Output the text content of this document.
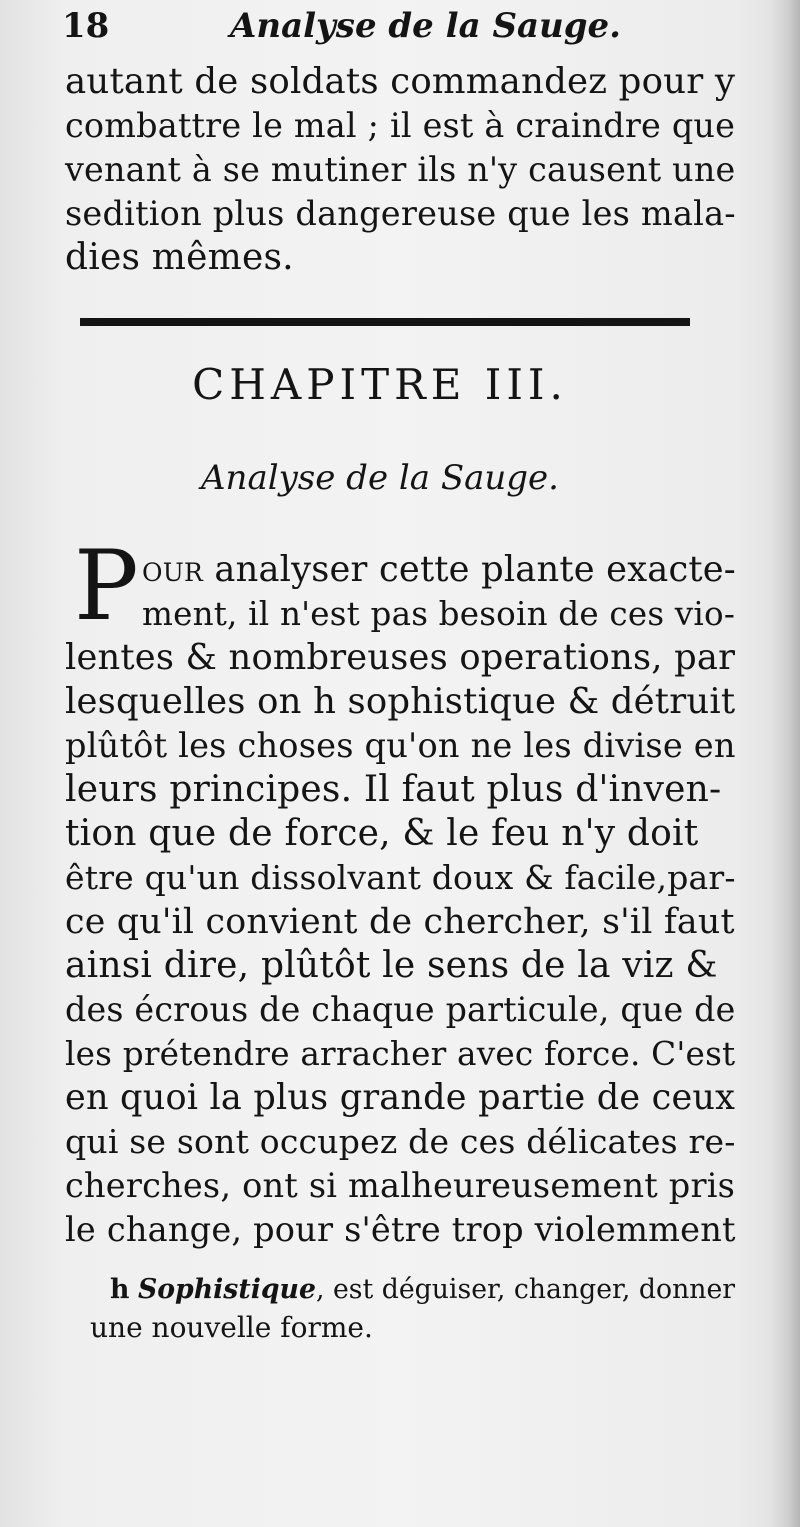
18	Analyse de la Sauge.
autant de soldats commandez pour y
combattre le mal ; il est à craindre que
venant à se mutiner ils n'y causent une
sedition plus dangereuse que les mala-
dies mêmes.
CHAPITRE III.
Analyse de la Sauge.
P our analyser cette plante exacte-
ment, il n'est pas besoin de ces vio-
lentes & nombreuses operations, par
lesquelles on h sophistique & détruit
plûtôt les choses qu'on ne les divise en
leurs principes. Il faut plus d'inven-
tion que de force, & le feu n'y doit
être qu'un dissolvant doux & facile,par-
ce qu'il convient de chercher, s'il faut
ainsi dire, plûtôt le sens de la viz &
des écrous de chaque particule, que de
les prétendre arracher avec force. C'est
en quoi la plus grande partie de ceux
qui se sont occupez de ces délicates re-
cherches, ont si malheureusement pris
le change, pour s'être trop violemment
h Sophistique, est déguiser, changer, donner
une nouvelle forme.
